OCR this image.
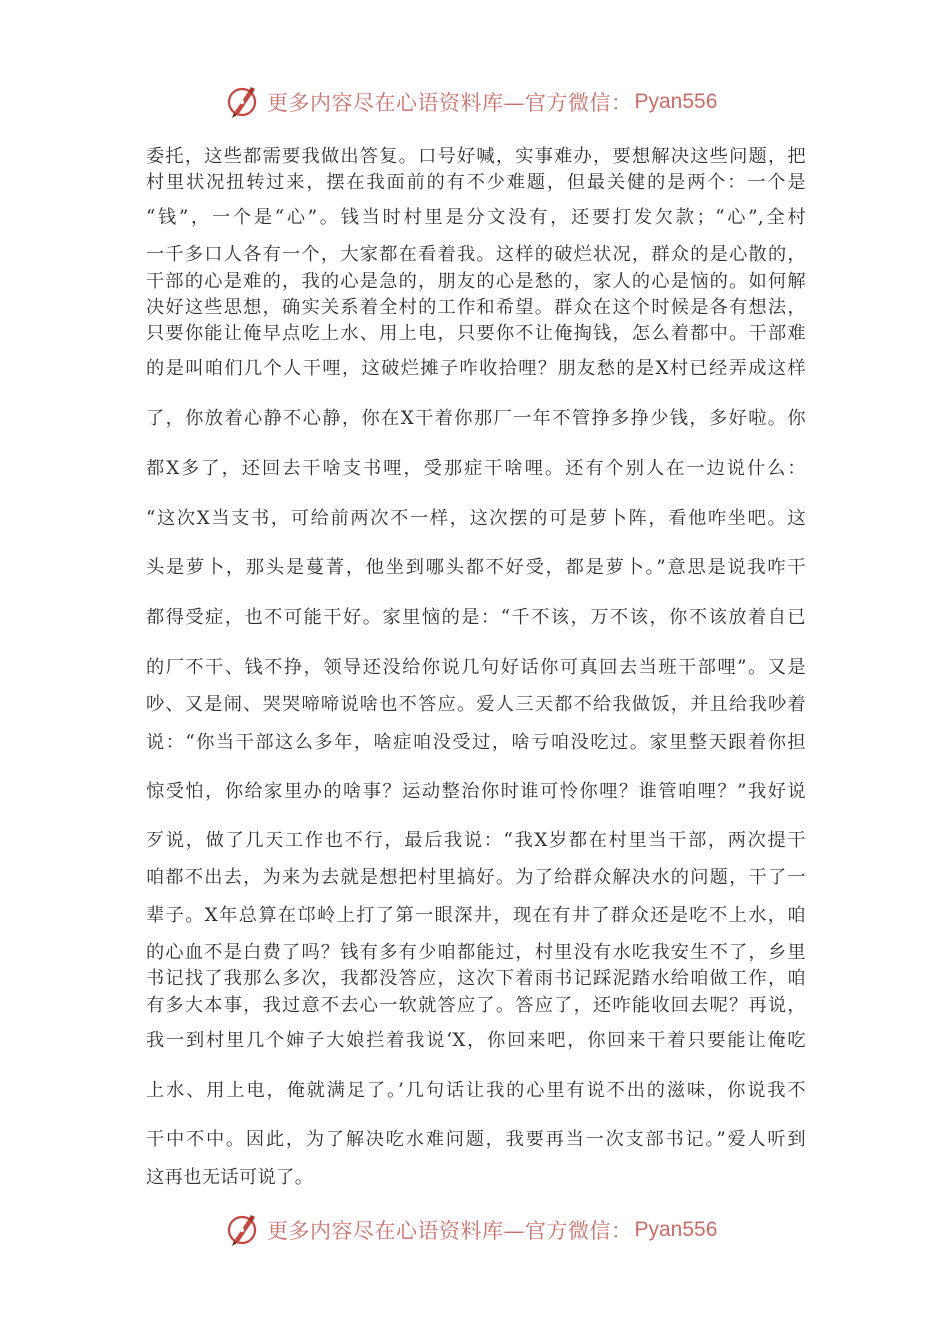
更多内容尽在心语资料库—官方微信： Pyan556
委托，这些都需要我做出答复。口号好喊，实事难办，要想解决这些问题，把
村里状况扭转过来，摆在我面前的有不少难题，但最关健的是两个：一个是
“钱”，一个是“心”。钱当时村里是分文没有，还要打发欠款；“心”,全村
一千多口人各有一个，大家都在看着我。这样的破烂状况，群众的是心散的，
干部的心是难的，我的心是急的，朋友的心是愁的，家人的心是恼的。如何解
决好这些思想，确实关系着全村的工作和希望。群众在这个时候是各有想法，
只要你能让俺早点吃上水、用上电，只要你不让俺掏钱，怎么着都中。干部难
的是叫咱们几个人干哩，这破烂摊子咋收拾哩？朋友愁的是X村已经弄成这样
了，你放着心静不心静，你在X干着你那厂一年不管挣多挣少钱，多好啦。你
都X多了，还回去干啥支书哩，受那症干啥哩。还有个别人在一边说什么：
“这次X当支书，可给前两次不一样，这次摆的可是萝卜阵，看他咋坐吧。这
头是萝卜，那头是蔓菁，他坐到哪头都不好受，都是萝卜。”意思是说我咋干
都得受症，也不可能干好。家里恼的是：“千不该，万不该，你不该放着自已
的厂不干、钱不挣，领导还没给你说几句好话你可真回去当班干部哩”。又是
吵、又是闹、哭哭啼啼说啥也不答应。爱人三天都不给我做饭，并且给我吵着
说：“你当干部这么多年，啥症咱没受过，啥亏咱没吃过。家里整天跟着你担
惊受怕，你给家里办的啥事？运动整治你时谁可怜你哩？谁管咱哩？”我好说
歹说，做了几天工作也不行，最后我说：“我X岁都在村里当干部，两次提干
咱都不出去，为来为去就是想把村里搞好。为了给群众解决水的问题，干了一
辈子。X年总算在邙岭上打了第一眼深井，现在有井了群众还是吃不上水，咱
的心血不是白费了吗？钱有多有少咱都能过，村里没有水吃我安生不了，乡里
书记找了我那么多次，我都没答应，这次下着雨书记踩泥踏水给咱做工作，咱
有多大本事，我过意不去心一软就答应了。答应了，还咋能收回去呢？再说，
我一到村里几个婶子大娘拦着我说‘X，你回来吧，你回来干着只要能让俺吃
上水、用上电，俺就满足了。’几句话让我的心里有说不出的滋味，你说我不
干中不中。因此，为了解决吃水难问题，我要再当一次支部书记。”爱人听到
这再也无话可说了。
更多内容尽在心语资料库—官方微信： Pyan556
